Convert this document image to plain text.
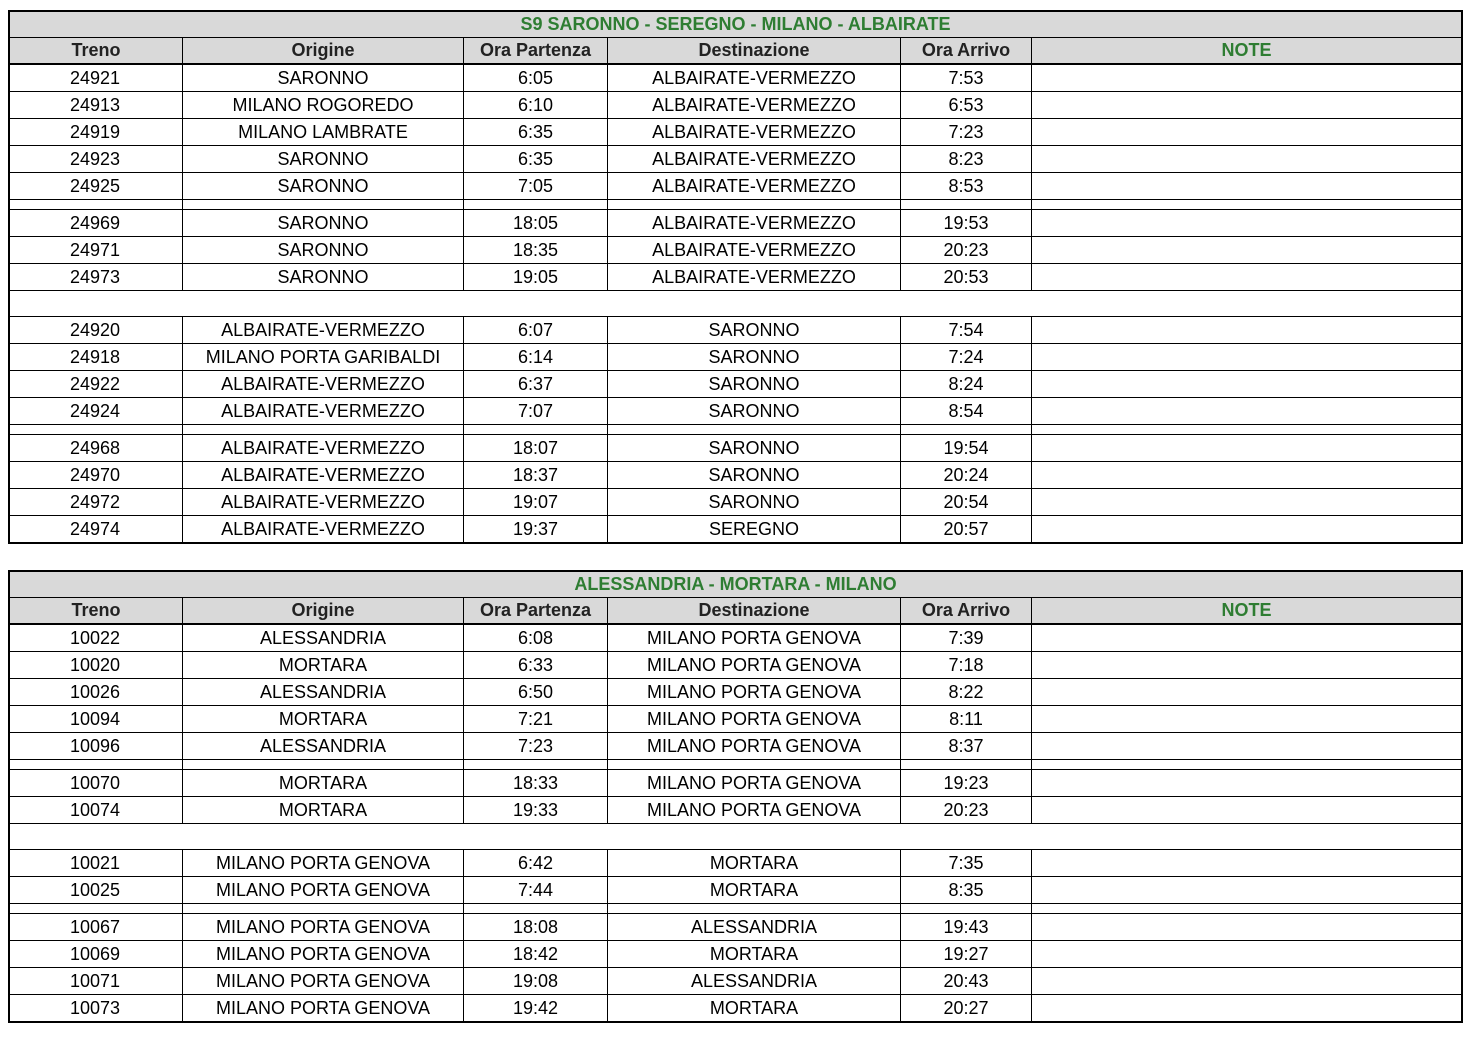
S9 SARONNO - SEREGNO - MILANO - ALBAIRATE
Treno	Origine	Ora Partenza	Destinazione	Ora Arrivo	NOTE
24921	SARONNO	6:05	ALBAIRATE-VERMEZZO	7:53	
24913	MILANO ROGOREDO	6:10	ALBAIRATE-VERMEZZO	6:53	
24919	MILANO LAMBRATE	6:35	ALBAIRATE-VERMEZZO	7:23	
24923	SARONNO	6:35	ALBAIRATE-VERMEZZO	8:23	
24925	SARONNO	7:05	ALBAIRATE-VERMEZZO	8:53	

24969	SARONNO	18:05	ALBAIRATE-VERMEZZO	19:53	
24971	SARONNO	18:35	ALBAIRATE-VERMEZZO	20:23	
24973	SARONNO	19:05	ALBAIRATE-VERMEZZO	20:53	

24920	ALBAIRATE-VERMEZZO	6:07	SARONNO	7:54	
24918	MILANO PORTA GARIBALDI	6:14	SARONNO	7:24	
24922	ALBAIRATE-VERMEZZO	6:37	SARONNO	8:24	
24924	ALBAIRATE-VERMEZZO	7:07	SARONNO	8:54	

24968	ALBAIRATE-VERMEZZO	18:07	SARONNO	19:54	
24970	ALBAIRATE-VERMEZZO	18:37	SARONNO	20:24	
24972	ALBAIRATE-VERMEZZO	19:07	SARONNO	20:54	
24974	ALBAIRATE-VERMEZZO	19:37	SEREGNO	20:57	
ALESSANDRIA - MORTARA - MILANO
Treno	Origine	Ora Partenza	Destinazione	Ora Arrivo	NOTE
10022	ALESSANDRIA	6:08	MILANO PORTA GENOVA	7:39	
10020	MORTARA	6:33	MILANO PORTA GENOVA	7:18	
10026	ALESSANDRIA	6:50	MILANO PORTA GENOVA	8:22	
10094	MORTARA	7:21	MILANO PORTA GENOVA	8:11	
10096	ALESSANDRIA	7:23	MILANO PORTA GENOVA	8:37	

10070	MORTARA	18:33	MILANO PORTA GENOVA	19:23	
10074	MORTARA	19:33	MILANO PORTA GENOVA	20:23	

10021	MILANO PORTA GENOVA	6:42	MORTARA	7:35	
10025	MILANO PORTA GENOVA	7:44	MORTARA	8:35	

10067	MILANO PORTA GENOVA	18:08	ALESSANDRIA	19:43	
10069	MILANO PORTA GENOVA	18:42	MORTARA	19:27	
10071	MILANO PORTA GENOVA	19:08	ALESSANDRIA	20:43	
10073	MILANO PORTA GENOVA	19:42	MORTARA	20:27	
